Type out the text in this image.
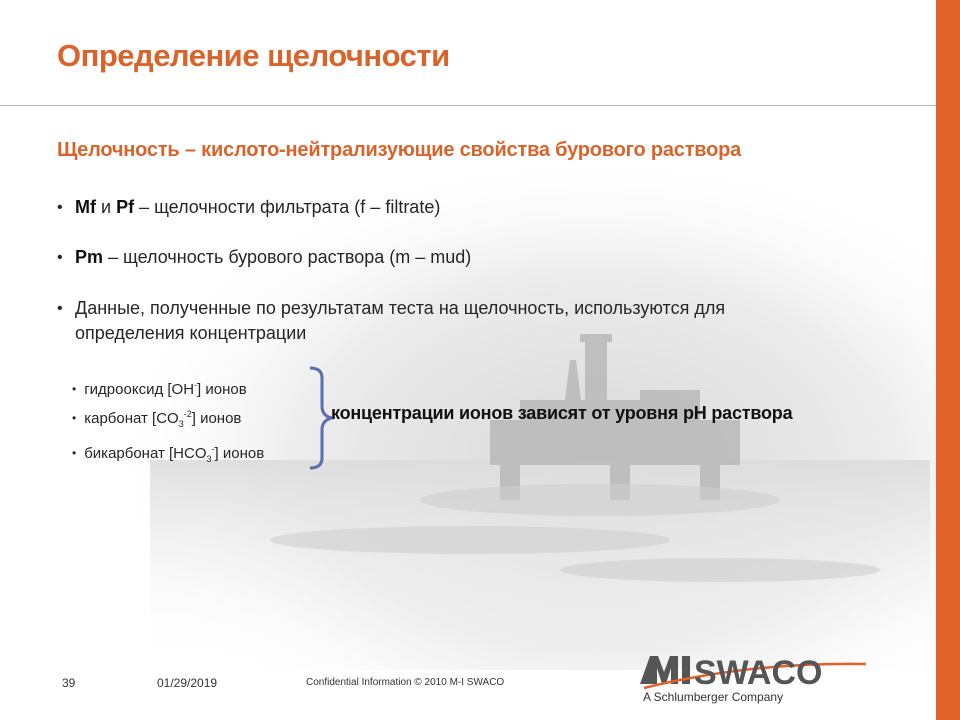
Определение щелочности
Щелочность – кислото-нейтрализующие свойства бурового раствора
• Mf и Pf – щелочности фильтрата (f – filtrate)
• Pm – щелочность бурового раствора (m – mud)
• Данные, полученные по результатам теста на щелочность, используются для определения концентрации
• гидрооксид [OH-] ионов
• карбонат $[CO_3^{-2}]$ ионов
• бикарбонат $[HCO_3^-]$ ионов
концентрации ионов зависят от уровня pH раствора
39	01/29/2019	Confidential Information © 2010 M-I SWACO	SWACO
A Schlumberger Company
